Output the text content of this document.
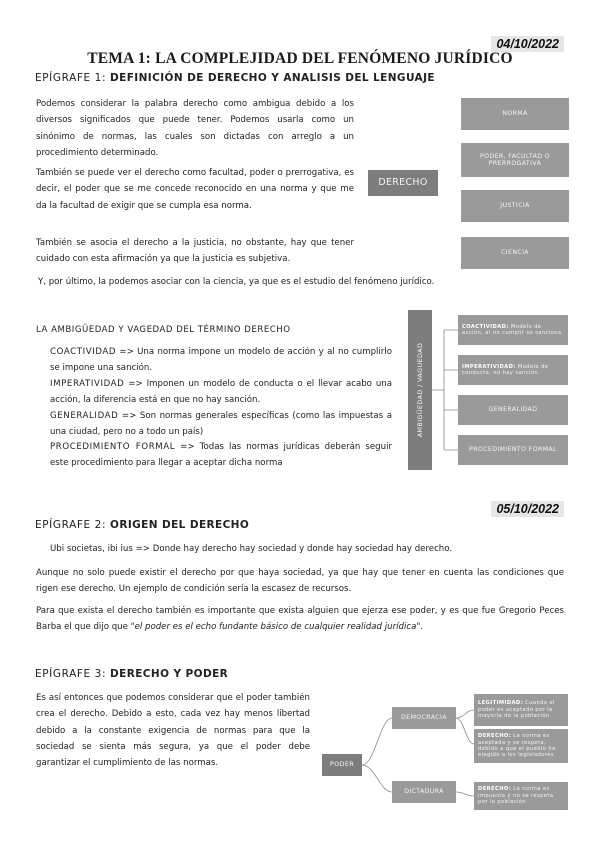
04/10/2022
TEMA 1: LA COMPLEJIDAD DEL FENÓMENO JURÍDICO
EPÍGRAFE 1: DEFINICIÓN DE DERECHO Y ANALISIS DEL LENGUAJE
Podemos considerar la palabra derecho como ambigua debido a los diversos significados que puede tener. Podemos usarla como un sinónimo de normas, las cuales son dictadas con arreglo a un procedimiento determinado.
También se puede ver el derecho como facultad, poder o prerrogativa, es decir, el poder que se me concede reconocido en una norma y que me da la facultad de exigir que se cumpla esa norma.
También se asocia el derecho a la justicia, no obstante, hay que tener cuidado con esta afirmación ya que la justicia es subjetiva.
Y, por último, la podemos asociar con la ciencia, ya que es el estudio del fenómeno jurídico.
DERECHO
NORMA
PODER, FACULTAD O PRERROGATIVA
JUSTICIA
CIENCIA
LA AMBIGÜEDAD Y VAGEDAD DEL TÉRMINO DERECHO
COACTIVIDAD => Una norma impone un modelo de acción y al no cumplirlo se impone una sanción.
IMPERATIVIDAD => Imponen un modelo de conducta o el llevar acabo una acción, la diferencia está en que no hay sanción.
GENERALIDAD => Son normas generales específicas (como las impuestas a una ciudad, pero no a todo un país)
PROCEDIMIENTO FORMAL => Todas las normas jurídicas deberán seguir este procedimiento para llegar a aceptar dicha norma
AMBIGÜEDAD / VAGUEDAD
COACTIVIDAD: Modelo de acción, al no cumplir se sanciona
IMPERATIVIDAD: Modelo de conducta, no hay sanción
GENERALIDAD
PROCEDIMIENTO FORMAL
05/10/2022
EPÍGRAFE 2: ORIGEN DEL DERECHO
Ubi societas, ibi ius => Donde hay derecho hay sociedad y donde hay sociedad hay derecho.
Aunque no solo puede existir el derecho por que haya sociedad, ya que hay que tener en cuenta las condiciones que rigen ese derecho. Un ejemplo de condición sería la escasez de recursos.
Para que exista el derecho también es importante que exista alguien que ejerza ese poder, y es que fue Gregorio Peces Barba el que dijo que "el poder es el echo fundante básico de cualquier realidad jurídica".
EPÍGRAFE 3: DERECHO Y PODER
Es así entonces que podemos considerar que el poder también crea el derecho. Debido a esto, cada vez hay menos libertad debido a la constante exigencia de normas para que la sociedad se sienta más segura, ya que el poder debe garantizar el cumplimiento de las normas.	PODER
DEMOCRACIA
DICTADURA
LEGITIMIDAD: Cuando el poder es aceptado por la mayoría de la población
DERECHO: La norma es aceptada y se respeta, debido a que el pueblo ha elegido a los legisladores
DERECHO: La norma es impuesta y no se respeta por la población
